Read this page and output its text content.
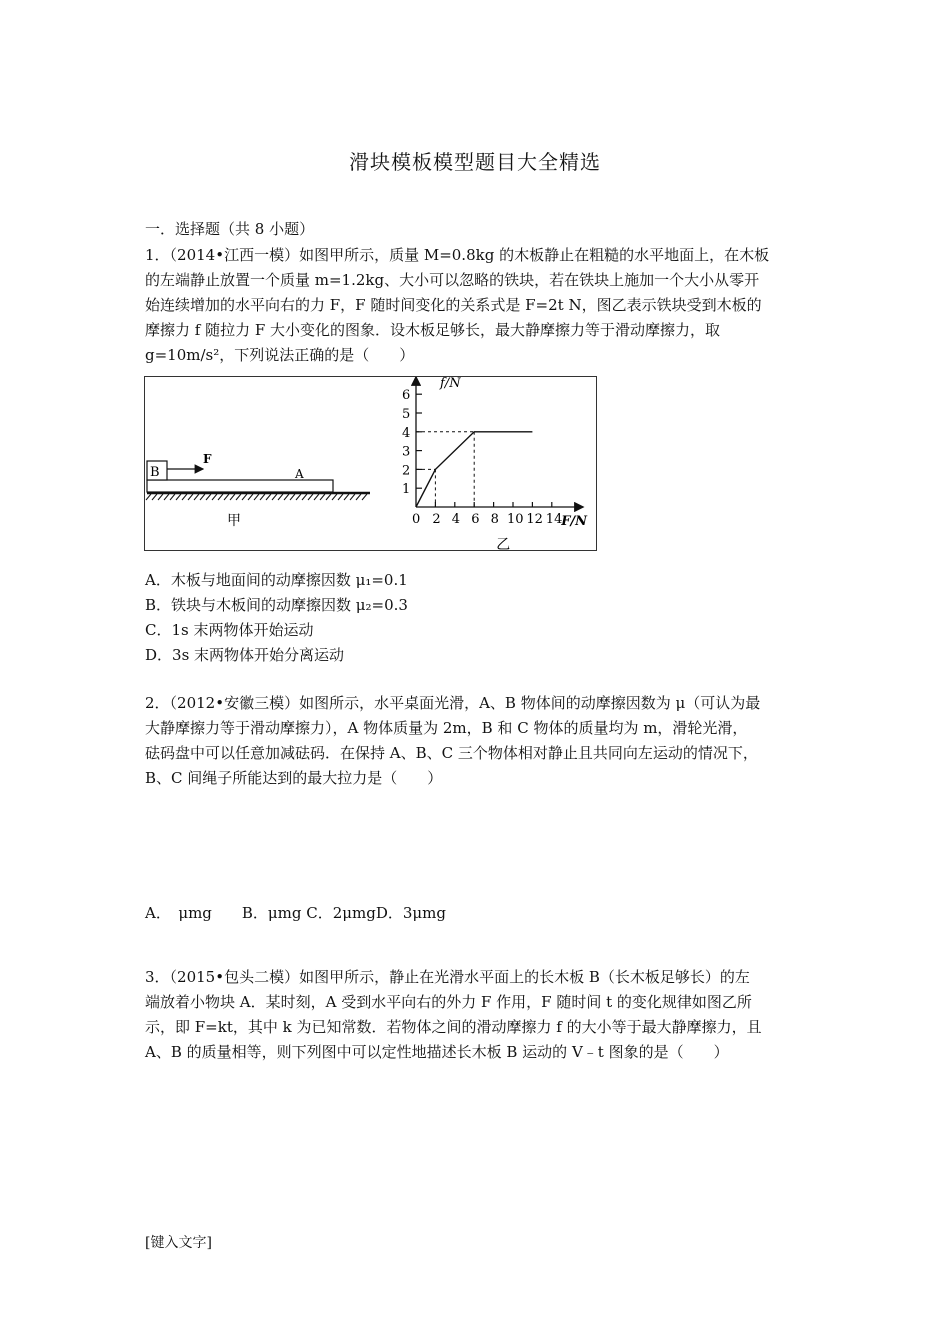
滑块模板模型题目大全精选
一．选择题（共 8 小题）
1．（2014•江西一模）如图甲所示，质量 M=0.8kg 的木板静止在粗糙的水平地面上，在木板
的左端静止放置一个质量 m=1.2kg、大小可以忽略的铁块，若在铁块上施加一个大小从零开
始连续增加的水平向右的力 F，F 随时间变化的关系式是 F=2t N，图乙表示铁块受到木板的
摩擦力 f 随拉力 F 大小变化的图象．设木板足够长，最大静摩擦力等于滑动摩擦力，取
g=10m/s²，下列说法正确的是（　　）
B
F
A
甲
f/N
F/N
0 2 4 6 8 10 12 14
1
2
3
4
5
6
乙
A．木板与地面间的动摩擦因数 μ₁=0.1
B．铁块与木板间的动摩擦因数 μ₂=0.3
C．1s 末两物体开始运动
D．3s 末两物体开始分离运动
2．（2012•安徽三模）如图所示，水平桌面光滑，A、B 物体间的动摩擦因数为 μ（可认为最
大静摩擦力等于滑动摩擦力），A 物体质量为 2m，B 和 C 物体的质量均为 m，滑轮光滑，
砝码盘中可以任意加减砝码．在保持 A、B、C 三个物体相对静止且共同向左运动的情况下，
B、C 间绳子所能达到的最大拉力是（　　）
A．　μmg　　B．μmg C．2μmgD．3μmg
3．（2015•包头二模）如图甲所示，静止在光滑水平面上的长木板 B（长木板足够长）的左
端放着小物块 A．某时刻，A 受到水平向右的外力 F 作用，F 随时间 t 的变化规律如图乙所
示，即 F=kt，其中 k 为已知常数．若物体之间的滑动摩擦力 f 的大小等于最大静摩擦力，且
A、B 的质量相等，则下列图中可以定性地描述长木板 B 运动的 V﹣t 图象的是（　　）
[键入文字]
